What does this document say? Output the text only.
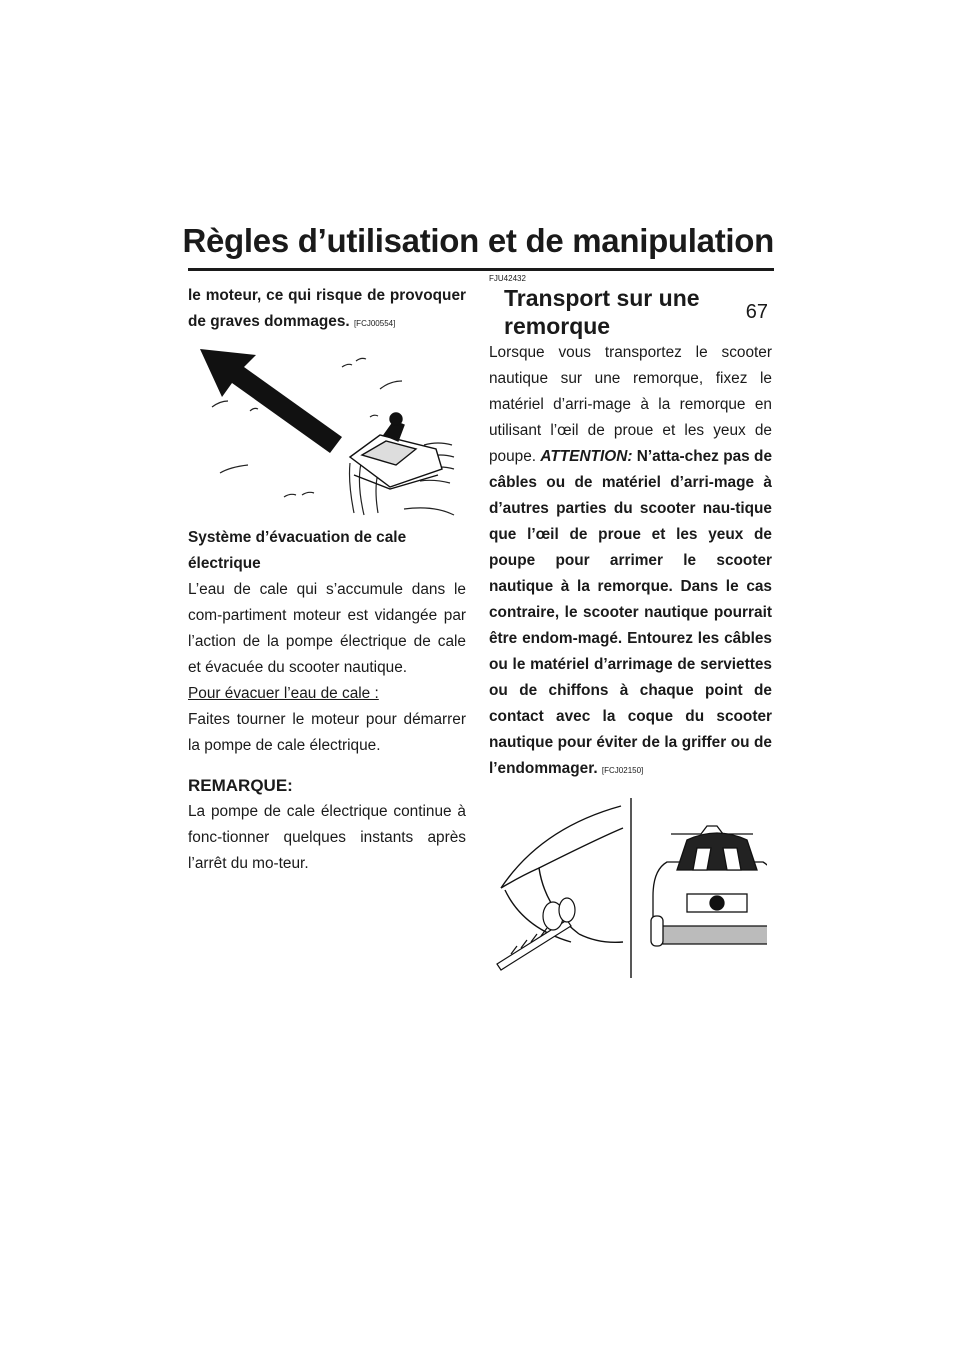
Règles d’utilisation et de manipulation
67

le moteur, ce qui risque de provoquer de graves dommages. [FCJ00554]

Système d’évacuation de cale électrique

L’eau de cale qui s’accumule dans le com-partiment moteur est vidangée par l’action de la pompe électrique de cale et évacuée du scooter nautique.

Pour évacuer l’eau de cale :

Faites tourner le moteur pour démarrer la pompe de cale électrique.

REMARQUE:

La pompe de cale électrique continue à fonc-tionner quelques instants après l’arrêt du mo-teur.

FJU42432

Transport sur une remorque

Lorsque vous transportez le scooter nautique sur une remorque, fixez le matériel d’arri-mage à la remorque en utilisant l’œil de proue et les yeux de poupe. ATTENTION: N’atta-chez pas de câbles ou de matériel d’arri-mage à d’autres parties du scooter nau-tique que l’œil de proue et les yeux de poupe pour arrimer le scooter nautique à la remorque. Dans le cas contraire, le scooter nautique pourrait être endom-magé. Entourez les câbles ou le matériel d’arrimage de serviettes ou de chiffons à chaque point de contact avec la coque du scooter nautique pour éviter de la griffer ou de l’endommager. [FCJ02150]
